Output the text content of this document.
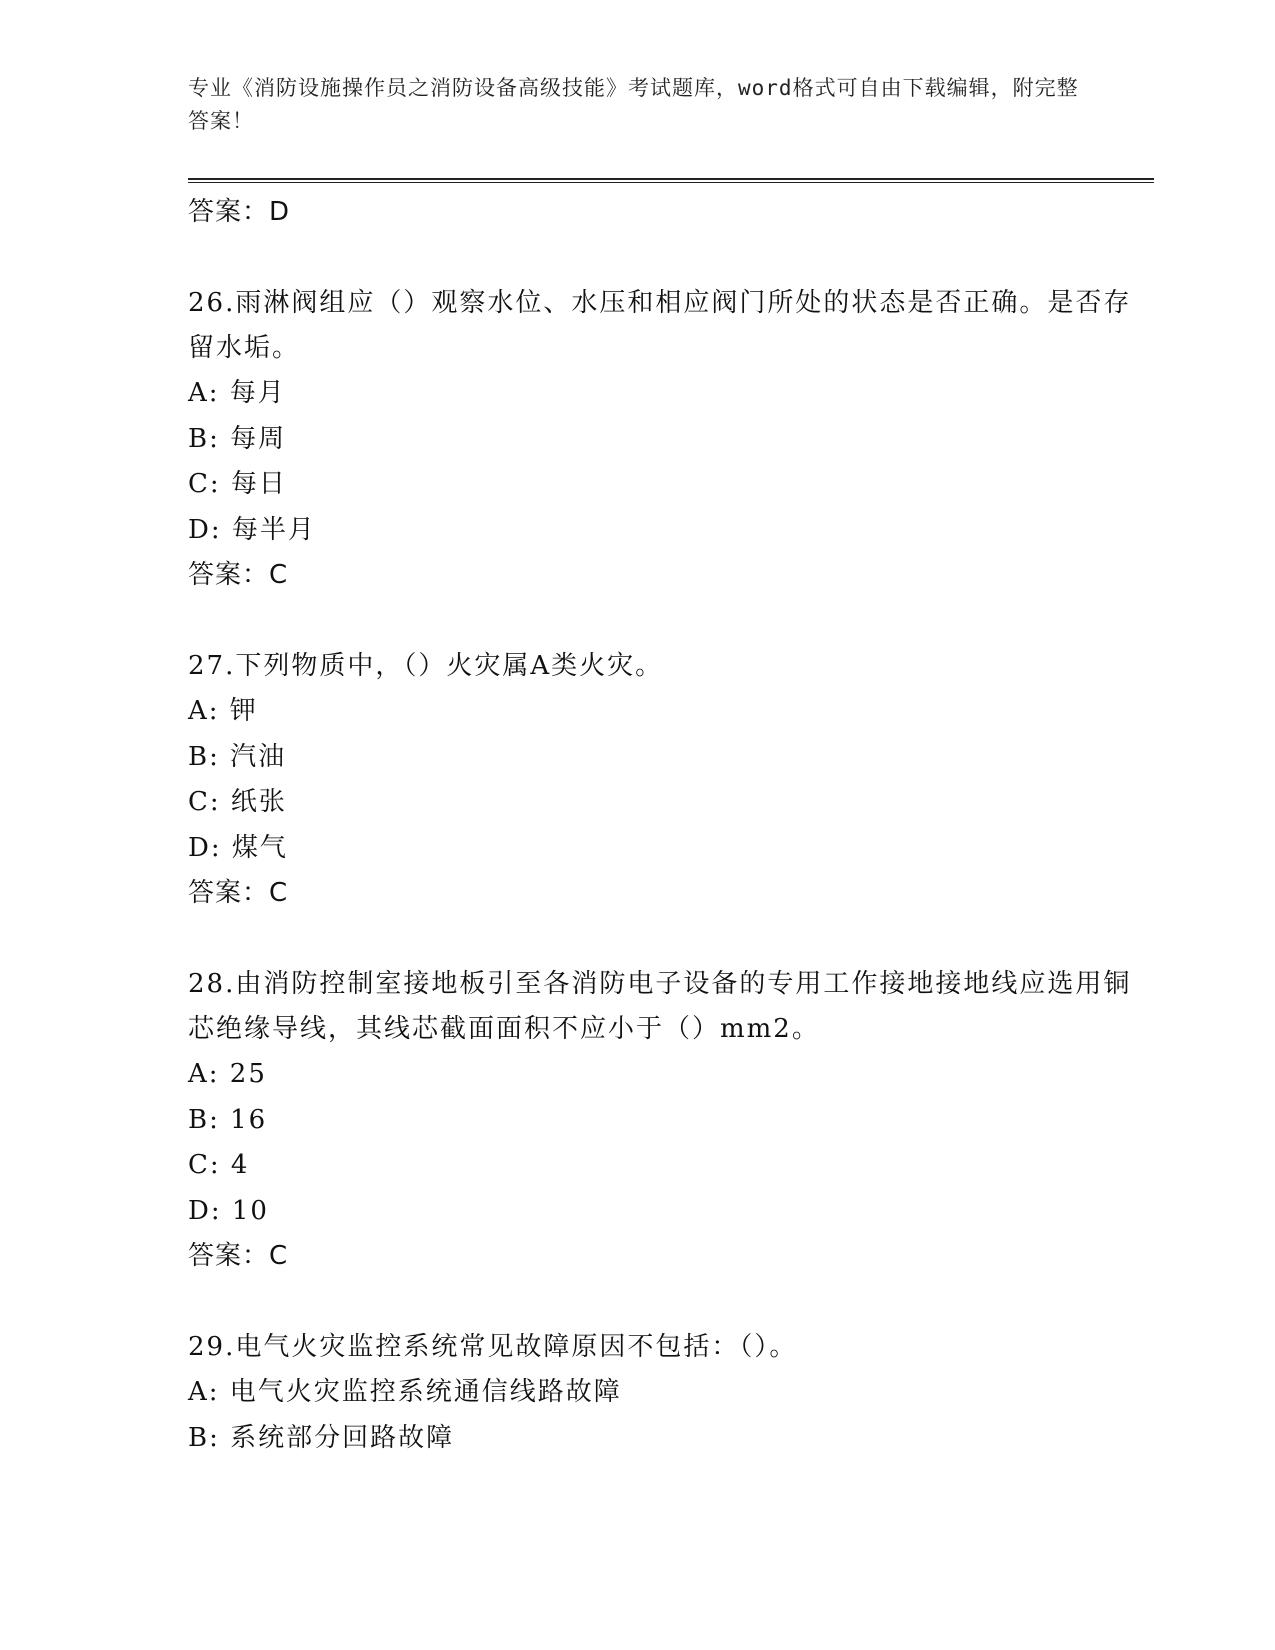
专业《消防设施操作员之消防设备高级技能》考试题库，word格式可自由下载编辑，附完整答案！

答案：D

26.雨淋阀组应（）观察水位、水压和相应阀门所处的状态是否正确。是否存留水垢。

A: 每月

B: 每周

C: 每日

D: 每半月

答案：C

27.下列物质中，（）火灾属A类火灾。

A: 钾

B: 汽油

C: 纸张

D: 煤气

答案：C

28.由消防控制室接地板引至各消防电子设备的专用工作接地接地线应选用铜芯绝缘导线，其线芯截面面积不应小于（）mm2。

A: 25

B: 16

C: 4

D: 10

答案：C

29.电气火灾监控系统常见故障原因不包括：（）。

A: 电气火灾监控系统通信线路故障

B: 系统部分回路故障
